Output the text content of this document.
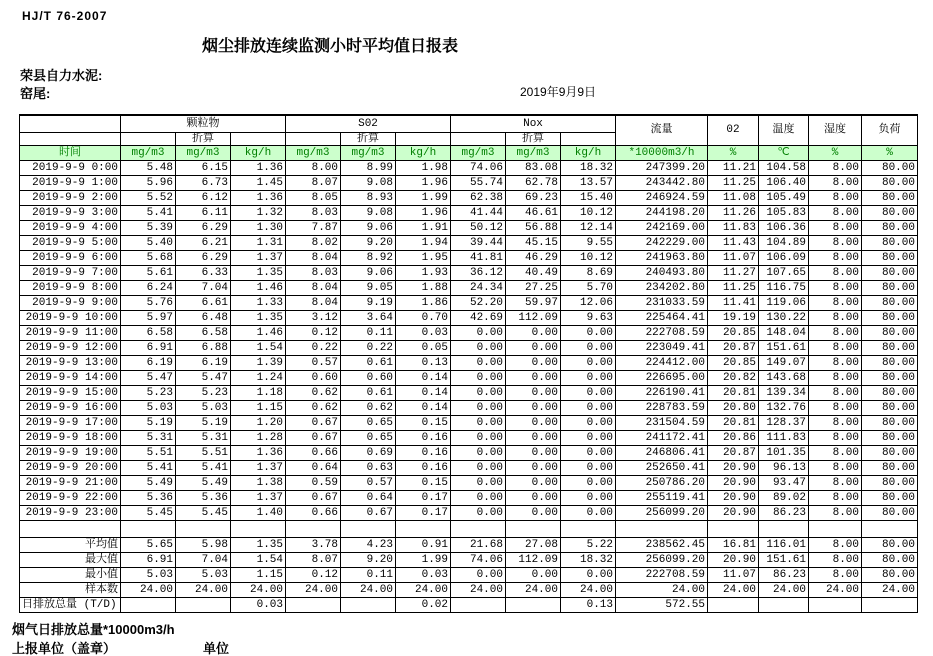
HJ/T 76-2007
烟尘排放连续监测小时平均值日报表
荣县自力水泥:
窑尾:	2019年9月9日
	颗粒物			S02			Nox			流量	02	温度	湿度	负荷
		折算			折算			折算						
时间	mg/m3	mg/m3	kg/h	mg/m3	mg/m3	kg/h	mg/m3	mg/m3	kg/h	*10000m3/h	%	℃	%	%
2019-9-9 0:00	5.48	6.15	1.36	8.00	8.99	1.98	74.06	83.08	18.32	247399.20	11.21	104.58	8.00	80.00
2019-9-9 1:00	5.96	6.73	1.45	8.07	9.08	1.96	55.74	62.78	13.57	243442.80	11.25	106.40	8.00	80.00
2019-9-9 2:00	5.52	6.12	1.36	8.05	8.93	1.99	62.38	69.23	15.40	246924.59	11.08	105.49	8.00	80.00
2019-9-9 3:00	5.41	6.11	1.32	8.03	9.08	1.96	41.44	46.61	10.12	244198.20	11.26	105.83	8.00	80.00
2019-9-9 4:00	5.39	6.29	1.30	7.87	9.06	1.91	50.12	56.88	12.14	242169.00	11.83	106.36	8.00	80.00
2019-9-9 5:00	5.40	6.21	1.31	8.02	9.20	1.94	39.44	45.15	9.55	242229.00	11.43	104.89	8.00	80.00
2019-9-9 6:00	5.68	6.29	1.37	8.04	8.92	1.95	41.81	46.29	10.12	241963.80	11.07	106.09	8.00	80.00
2019-9-9 7:00	5.61	6.33	1.35	8.03	9.06	1.93	36.12	40.49	8.69	240493.80	11.27	107.65	8.00	80.00
2019-9-9 8:00	6.24	7.04	1.46	8.04	9.05	1.88	24.34	27.25	5.70	234202.80	11.25	116.75	8.00	80.00
2019-9-9 9:00	5.76	6.61	1.33	8.04	9.19	1.86	52.20	59.97	12.06	231033.59	11.41	119.06	8.00	80.00
2019-9-9 10:00	5.97	6.48	1.35	3.12	3.64	0.70	42.69	112.09	9.63	225464.41	19.19	130.22	8.00	80.00
2019-9-9 11:00	6.58	6.58	1.46	0.12	0.11	0.03	0.00	0.00	0.00	222708.59	20.85	148.04	8.00	80.00
2019-9-9 12:00	6.91	6.88	1.54	0.22	0.22	0.05	0.00	0.00	0.00	223049.41	20.87	151.61	8.00	80.00
2019-9-9 13:00	6.19	6.19	1.39	0.57	0.61	0.13	0.00	0.00	0.00	224412.00	20.85	149.07	8.00	80.00
2019-9-9 14:00	5.47	5.47	1.24	0.60	0.60	0.14	0.00	0.00	0.00	226695.00	20.82	143.68	8.00	80.00
2019-9-9 15:00	5.23	5.23	1.18	0.62	0.61	0.14	0.00	0.00	0.00	226190.41	20.81	139.34	8.00	80.00
2019-9-9 16:00	5.03	5.03	1.15	0.62	0.62	0.14	0.00	0.00	0.00	228783.59	20.80	132.76	8.00	80.00
2019-9-9 17:00	5.19	5.19	1.20	0.67	0.65	0.15	0.00	0.00	0.00	231504.59	20.81	128.37	8.00	80.00
2019-9-9 18:00	5.31	5.31	1.28	0.67	0.65	0.16	0.00	0.00	0.00	241172.41	20.86	111.83	8.00	80.00
2019-9-9 19:00	5.51	5.51	1.36	0.66	0.69	0.16	0.00	0.00	0.00	246806.41	20.87	101.35	8.00	80.00
2019-9-9 20:00	5.41	5.41	1.37	0.64	0.63	0.16	0.00	0.00	0.00	252650.41	20.90	96.13	8.00	80.00
2019-9-9 21:00	5.49	5.49	1.38	0.59	0.57	0.15	0.00	0.00	0.00	250786.20	20.90	93.47	8.00	80.00
2019-9-9 22:00	5.36	5.36	1.37	0.67	0.64	0.17	0.00	0.00	0.00	255119.41	20.90	89.02	8.00	80.00
2019-9-9 23:00	5.45	5.45	1.40	0.66	0.67	0.17	0.00	0.00	0.00	256099.20	20.90	86.23	8.00	80.00

平均值	5.65	5.98	1.35	3.78	4.23	0.91	21.68	27.08	5.22	238562.45	16.81	116.01	8.00	80.00
最大值	6.91	7.04	1.54	8.07	9.20	1.99	74.06	112.09	18.32	256099.20	20.90	151.61	8.00	80.00
最小值	5.03	5.03	1.15	0.12	0.11	0.03	0.00	0.00	0.00	222708.59	11.07	86.23	8.00	80.00
样本数	24.00	24.00	24.00	24.00	24.00	24.00	24.00	24.00	24.00	24.00	24.00	24.00	24.00	24.00
日排放总量 (T/D)			0.03			0.02			0.13	572.55				
烟气日排放总量*10000m3/h
上报单位（盖章）	单位
